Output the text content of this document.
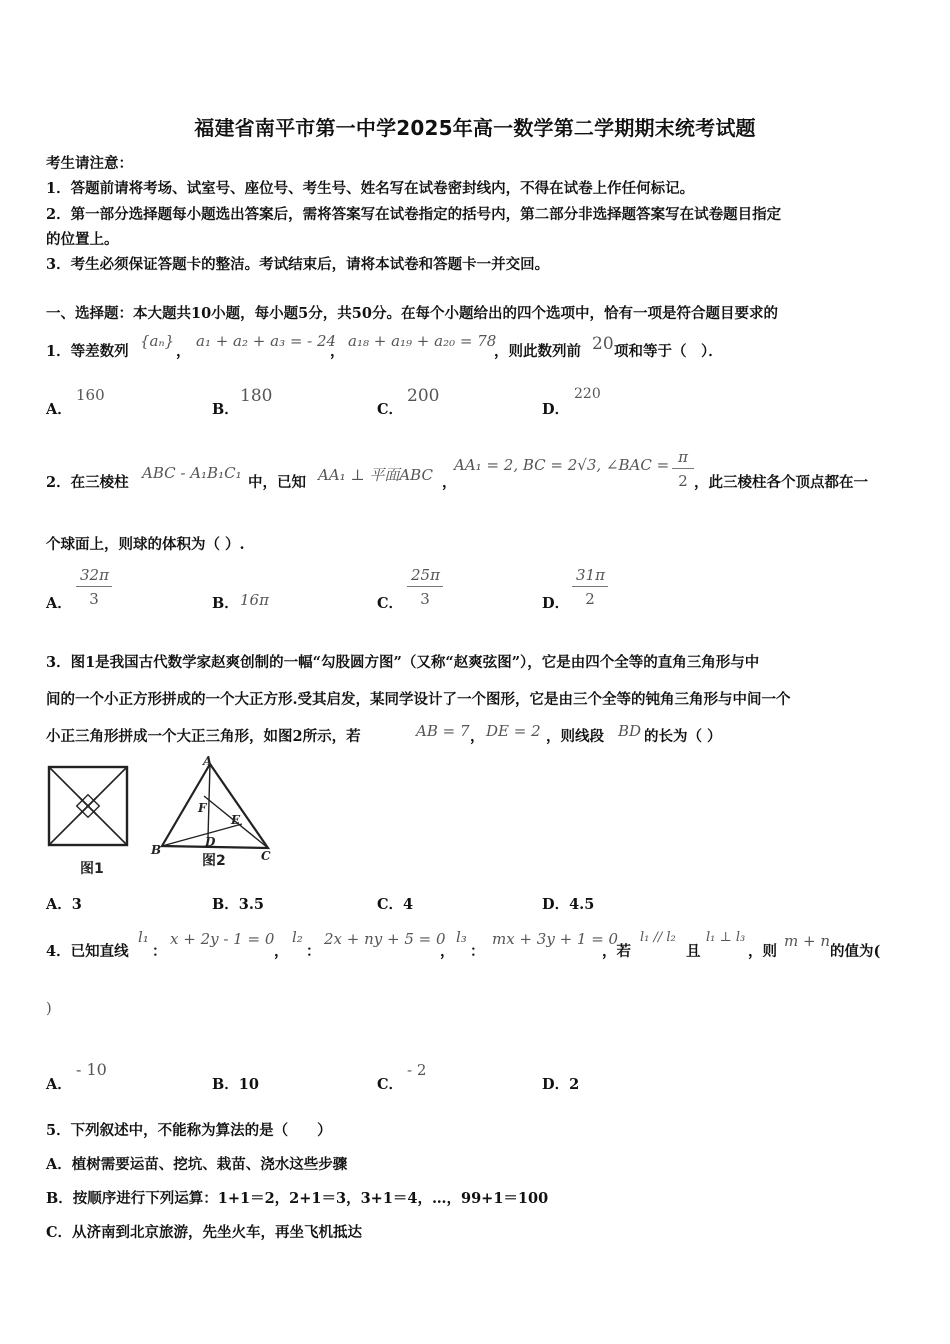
福建省南平市第一中学2025年高一数学第二学期期末统考试题
考生请注意：
1．答题前请将考场、试室号、座位号、考生号、姓名写在试卷密封线内，不得在试卷上作任何标记。
2．第一部分选择题每小题选出答案后，需将答案写在试卷指定的括号内，第二部分非选择题答案写在试卷题目指定
的位置上。
3．考生必须保证答题卡的整洁。考试结束后，请将本试卷和答题卡一并交回。
一、选择题：本大题共10小题，每小题5分，共50分。在每个小题给出的四个选项中，恰有一项是符合题目要求的
1．等差数列
{aₙ}
，
a₁ + a₂ + a₃ = - 24
，
a₁₈ + a₁₉ + a₂₀ = 78
，则此数列前 20 项和等于（　）．
A．
160
B．
180
C．
200
D．
220
2．在三棱柱
ABC - A₁B₁C₁
中，已知 AA₁ ⊥ 平面ABC ，
AA₁ = 2, BC = 2√3, ∠BAC = $\frac{\pi}{2}$ ，此三棱柱各个顶点都在一
个球面上，则球的体积为（ ）.
A． $\frac{32\pi}{3}$	B． 16π	C． $\frac{25\pi}{3}$	D． $\frac{31\pi}{2}$
3．图1是我国古代数学家赵爽创制的一幅“勾股圆方图”（又称“赵爽弦图”），它是由四个全等的直角三角形与中
间的一个小正方形拼成的一个大正方形.受其启发，某同学设计了一个图形，它是由三个全等的钝角三角形与中间一个
小正三角形拼成一个大正三角形，如图2所示，若	AB = 7 ， DE = 2 ，则线段 BD 的长为（ ）
图1
A
B	C
F
E
D
图2
A．3	B．3.5	C．4	D．4.5
4．已知直线
l₁
：
x + 2y - 1 = 0
，
l₂
：
2x + ny + 5 = 0
，
l₃
：
mx + 3y + 1 = 0
，若
l₁ // l₂
且
l₁ ⊥ l₃
，则
m + n
的值为(
)
A．
- 10
B．10	C．
- 2
D．2
5．下列叙述中，不能称为算法的是（　　）
A．植树需要运苗、挖坑、栽苗、浇水这些步骤
B．按顺序进行下列运算：1+1＝2，2+1＝3，3+1＝4，…，99+1＝100
C．从济南到北京旅游，先坐火车，再坐飞机抵达
